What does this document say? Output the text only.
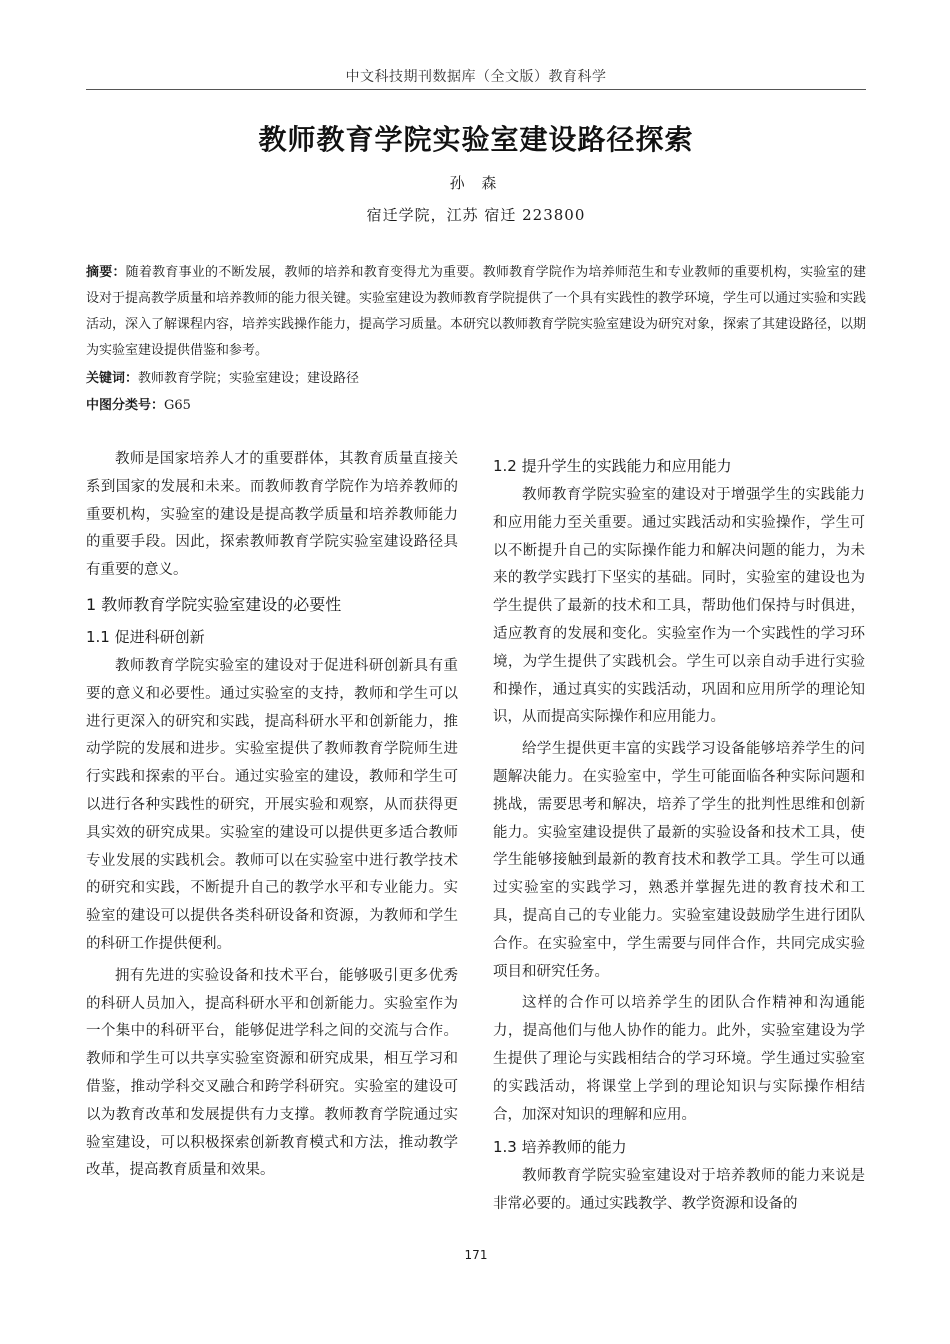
中文科技期刊数据库（全文版）教育科学
教师教育学院实验室建设路径探索
孙 森
宿迁学院，江苏 宿迁 223800
摘要：随着教育事业的不断发展，教师的培养和教育变得尤为重要。教师教育学院作为培养师范生和专业教师的重要机构，实验室的建设对于提高教学质量和培养教师的能力很关键。实验室建设为教师教育学院提供了一个具有实践性的教学环境，学生可以通过实验和实践活动，深入了解课程内容，培养实践操作能力，提高学习质量。本研究以教师教育学院实验室建设为研究对象，探索了其建设路径，以期为实验室建设提供借鉴和参考。
关键词：教师教育学院；实验室建设；建设路径
中图分类号：G65

教师是国家培养人才的重要群体，其教育质量直接关系到国家的发展和未来。而教师教育学院作为培养教师的重要机构，实验室的建设是提高教学质量和培养教师能力的重要手段。因此，探索教师教育学院实验室建设路径具有重要的意义。

1 教师教育学院实验室建设的必要性
1.1 促进科研创新

教师教育学院实验室的建设对于促进科研创新具有重要的意义和必要性。通过实验室的支持，教师和学生可以进行更深入的研究和实践，提高科研水平和创新能力，推动学院的发展和进步。实验室提供了教师教育学院师生进行实践和探索的平台。通过实验室的建设，教师和学生可以进行各种实践性的研究，开展实验和观察，从而获得更具实效的研究成果。实验室的建设可以提供更多适合教师专业发展的实践机会。教师可以在实验室中进行教学技术的研究和实践，不断提升自己的教学水平和专业能力。实验室的建设可以提供各类科研设备和资源，为教师和学生的科研工作提供便利。

拥有先进的实验设备和技术平台，能够吸引更多优秀的科研人员加入，提高科研水平和创新能力。实验室作为一个集中的科研平台，能够促进学科之间的交流与合作。教师和学生可以共享实验室资源和研究成果，相互学习和借鉴，推动学科交叉融合和跨学科研究。实验室的建设可以为教育改革和发展提供有力支撑。教师教育学院通过实验室建设，可以积极探索创新教育模式和方法，推动教学改革，提高教育质量和效果。

1.2 提升学生的实践能力和应用能力

教师教育学院实验室的建设对于增强学生的实践能力和应用能力至关重要。通过实践活动和实验操作，学生可以不断提升自己的实际操作能力和解决问题的能力，为未来的教学实践打下坚实的基础。同时，实验室的建设也为学生提供了最新的技术和工具，帮助他们保持与时俱进，适应教育的发展和变化。实验室作为一个实践性的学习环境，为学生提供了实践机会。学生可以亲自动手进行实验和操作，通过真实的实践活动，巩固和应用所学的理论知识，从而提高实际操作和应用能力。

给学生提供更丰富的实践学习设备能够培养学生的问题解决能力。在实验室中，学生可能面临各种实际问题和挑战，需要思考和解决，培养了学生的批判性思维和创新能力。实验室建设提供了最新的实验设备和技术工具，使学生能够接触到最新的教育技术和教学工具。学生可以通过实验室的实践学习，熟悉并掌握先进的教育技术和工具，提高自己的专业能力。实验室建设鼓励学生进行团队合作。在实验室中，学生需要与同伴合作，共同完成实验项目和研究任务。

这样的合作可以培养学生的团队合作精神和沟通能力，提高他们与他人协作的能力。此外，实验室建设为学生提供了理论与实践相结合的学习环境。学生通过实验室的实践活动，将课堂上学到的理论知识与实际操作相结合，加深对知识的理解和应用。

1.3 培养教师的能力

教师教育学院实验室建设对于培养教师的能力来说是非常必要的。通过实践教学、教学资源和设备的

171
